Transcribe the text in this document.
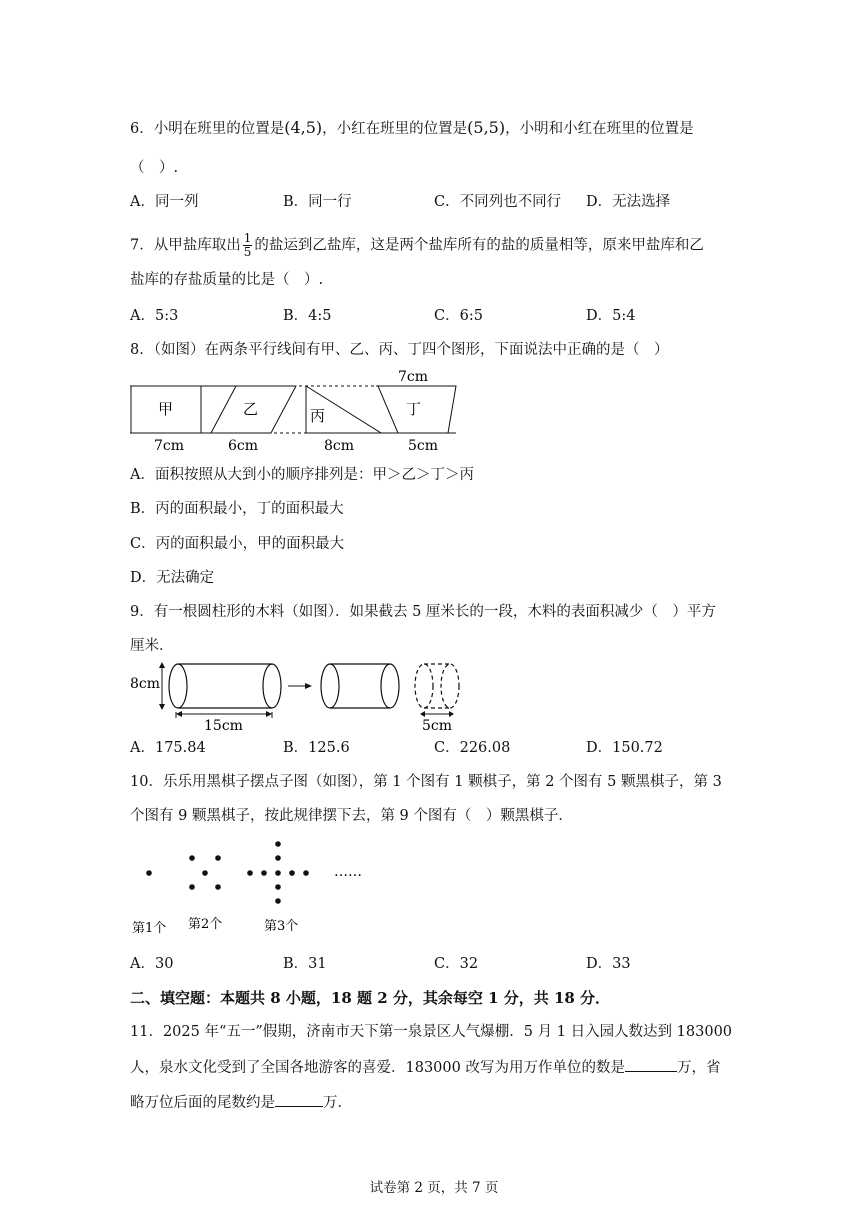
6．小明在班里的位置是(4,5)，小红在班里的位置是(5,5)，小明和小红在班里的位置是
（　）.
A．同一列	B．同一行	C．不同列也不同行 D．无法选择
7．从甲盐库取出 $\frac{1}{5}$ 的盐运到乙盐库，这是两个盐库所有的盐的质量相等，原来甲盐库和乙
盐库的存盐质量的比是（　）.
A．5:3	B．4:5	C．6:5	D．5:4
8．（如图）在两条平行线间有甲、乙、丙、丁四个图形，下面说法中正确的是（　）
甲	乙	丙	丁
7cm
7cm	6cm	8cm	5cm
A．面积按照从大到小的顺序排列是：甲＞乙＞丁＞丙
B．丙的面积最小，丁的面积最大
C．丙的面积最小，甲的面积最大
D．无法确定
9．有一根圆柱形的木料（如图）．如果截去 5 厘米长的一段，木料的表面积减少（　）平方
厘米．
8cm
15cm	5cm
A．175.84	B．125.6	C．226.08	D．150.72
10．乐乐用黑棋子摆点子图（如图），第 1 个图有 1 颗棋子，第 2 个图有 5 颗黑棋子，第 3
个图有 9 颗黑棋子，按此规律摆下去，第 9 个图有（　）颗黑棋子．
……
第1个 第2个	第3个
A．30	B．31	C．32	D．33
二、填空题：本题共 8 小题，18 题 2 分，其余每空 1 分，共 18 分．
11．2025 年“五一”假期，济南市天下第一泉景区人气爆棚．5 月 1 日入园人数达到 183000
人，泉水文化受到了全国各地游客的喜爱．183000 改写为用万作单位的数是	万，省
略万位后面的尾数约是	万．
试卷第 2 页，共 7 页
